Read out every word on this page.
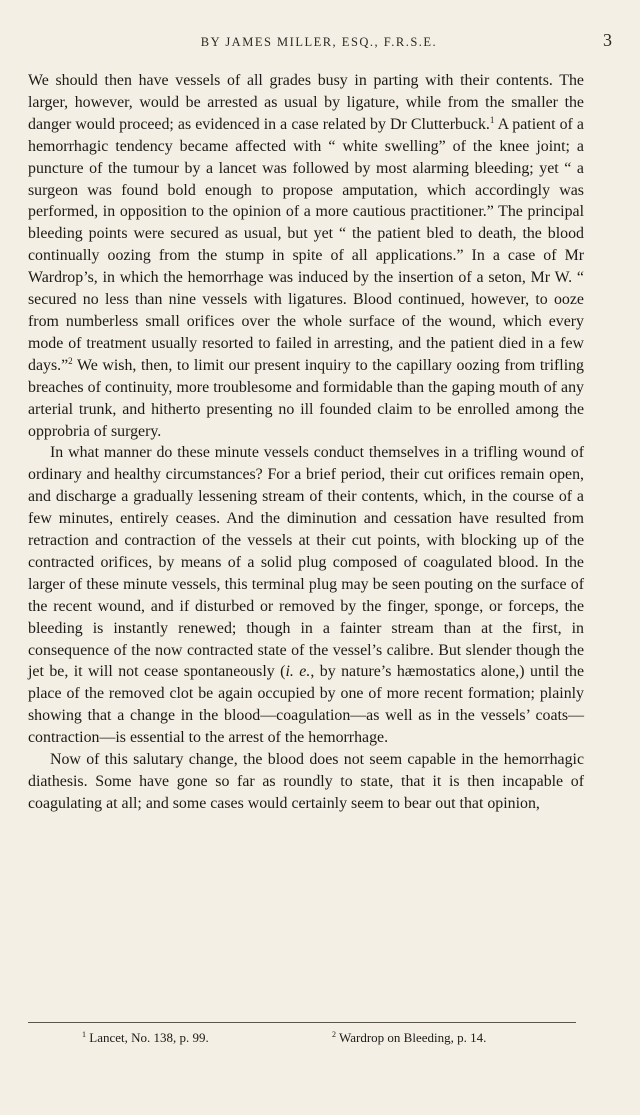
BY JAMES MILLER, ESQ., F.R.S.E.	3

We should then have vessels of all grades busy in parting with their contents. The larger, however, would be arrested as usual by ligature, while from the smaller the danger would proceed; as evidenced in a case related by Dr Clutterbuck.$^1$ A patient of a hemorrhagic tendency became affected with “ white swelling” of the knee joint; a puncture of the tumour by a lancet was followed by most alarming bleeding; yet “ a surgeon was found bold enough to propose amputation, which accordingly was performed, in opposition to the opinion of a more cautious practitioner.” The principal bleeding points were secured as usual, but yet “ the patient bled to death, the blood continually oozing from the stump in spite of all applications.” In a case of Mr Wardrop’s, in which the hemorrhage was induced by the insertion of a seton, Mr W. “ secured no less than nine vessels with ligatures. Blood continued, however, to ooze from numberless small orifices over the whole surface of the wound, which every mode of treatment usually resorted to failed in arresting, and the patient died in a few days.”$^2$ We wish, then, to limit our present inquiry to the capillary oozing from trifling breaches of continuity, more troublesome and formidable than the gaping mouth of any arterial trunk, and hitherto presenting no ill founded claim to be enrolled among the opprobria of surgery.

In what manner do these minute vessels conduct themselves in a trifling wound of ordinary and healthy circumstances? For a brief period, their cut orifices remain open, and discharge a gradually lessening stream of their contents, which, in the course of a few minutes, entirely ceases. And the diminution and cessation have resulted from retraction and contraction of the vessels at their cut points, with blocking up of the contracted orifices, by means of a solid plug composed of coagulated blood. In the larger of these minute vessels, this terminal plug may be seen pouting on the surface of the recent wound, and if disturbed or removed by the finger, sponge, or forceps, the bleeding is instantly renewed; though in a fainter stream than at the first, in consequence of the now contracted state of the vessel’s calibre. But slender though the jet be, it will not cease spontaneously (i. e., by nature’s hæmostatics alone,) until the place of the removed clot be again occupied by one of more recent formation; plainly showing that a change in the blood—coagulation—as well as in the vessels’ coats—contraction—is essential to the arrest of the hemorrhage.

Now of this salutary change, the blood does not seem capable in the hemorrhagic diathesis. Some have gone so far as roundly to state, that it is then incapable of coagulating at all; and some cases would certainly seem to bear out that opinion,

$^1$ Lancet, No. 138, p. 99.	$^2$ Wardrop on Bleeding, p. 14.
